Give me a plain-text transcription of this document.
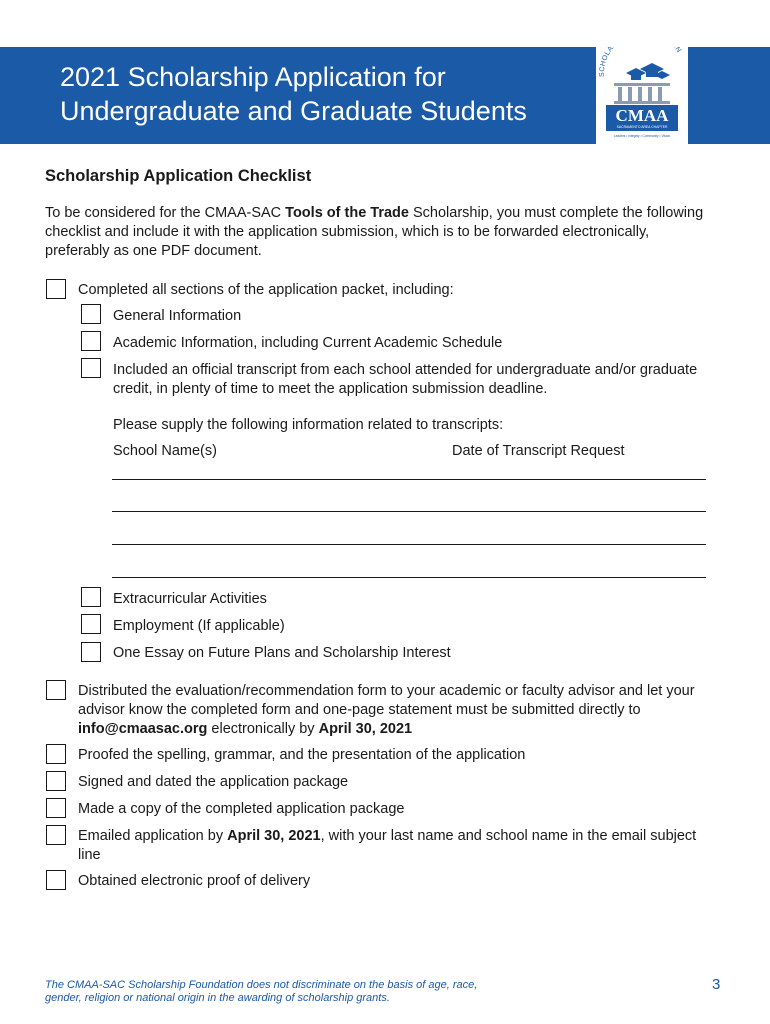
2021 Scholarship Application for
Undergraduate and Graduate Students
SCHOLA N
CMAA
SACRAMENTO AREA CHAPTER
Leaders • Integrity • Community • Vision
Scholarship Application Checklist

To be considered for the CMAA-SAC Tools of the Trade Scholarship, you must complete the following checklist and include it with the application submission, which is to be forwarded electronically, preferably as one PDF document.

Completed all sections of the application packet, including:

General Information

Academic Information, including Current Academic Schedule

Included an official transcript from each school attended for undergraduate and/or graduate credit, in plenty of time to meet the application submission deadline.

Please supply the following information related to transcripts:

School Name(s)	Date of Transcript Request

Extracurricular Activities

Employment (If applicable)

One Essay on Future Plans and Scholarship Interest

Distributed the evaluation/recommendation form to your academic or faculty advisor and let your advisor know the completed form and one-page statement must be submitted directly to info@cmaasac.org electronically by April 30, 2021

Proofed the spelling, grammar, and the presentation of the application

Signed and dated the application package

Made a copy of the completed application package

Emailed application by April 30, 2021, with your last name and school name in the email subject line

Obtained electronic proof of delivery

The CMAA-SAC Scholarship Foundation does not discriminate on the basis of age, race, gender, religion or national origin in the awarding of scholarship grants.

3
